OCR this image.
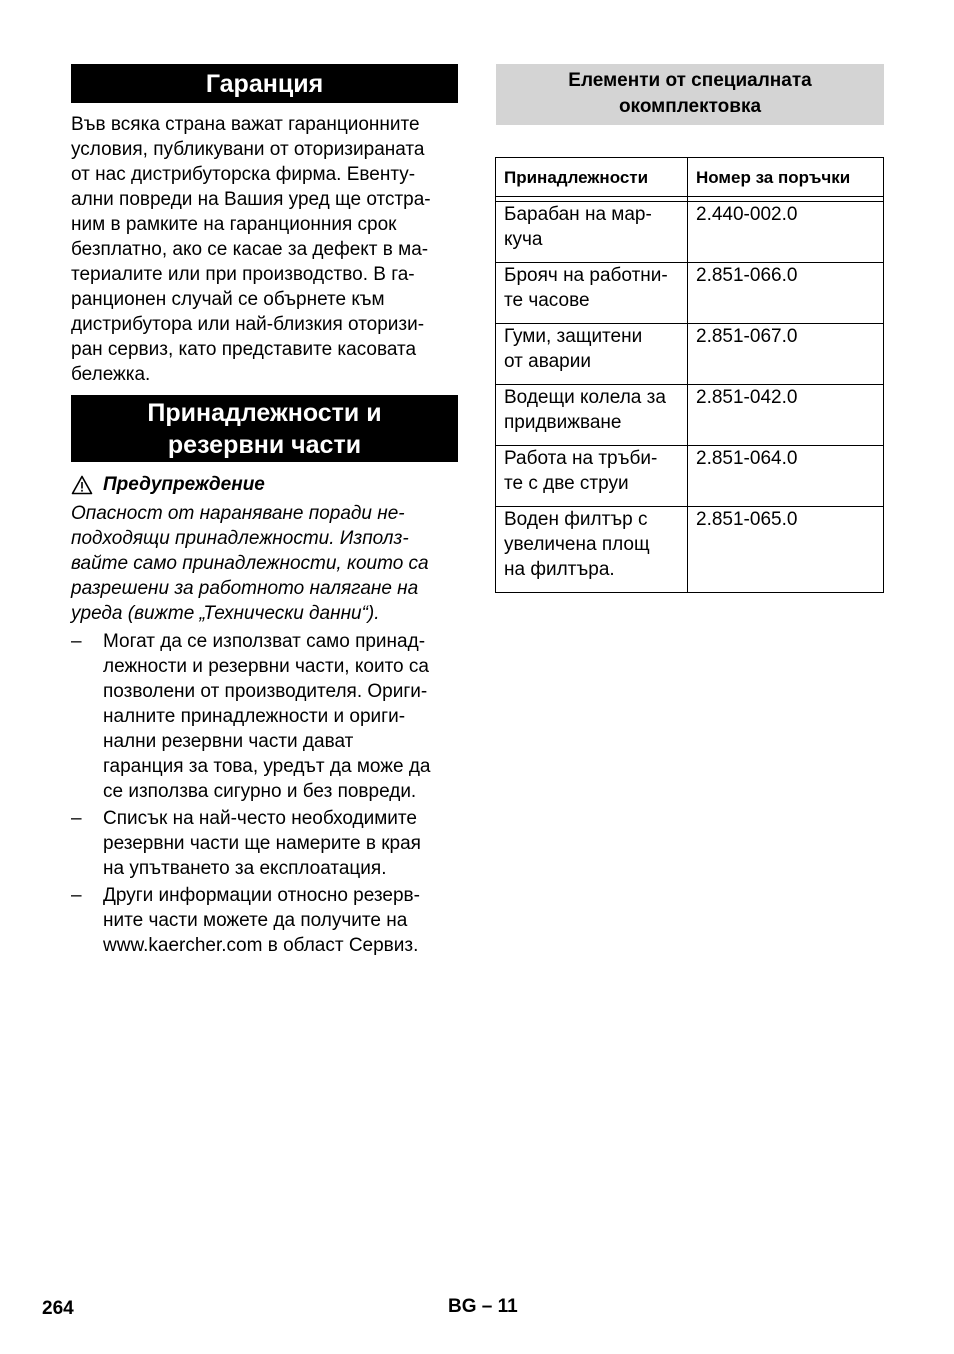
Гаранция
Във всяка страна важат гаранционните
условия, публикувани от оторизираната
от нас дистрибуторска фирма. Евенту-
ални повреди на Вашия уред ще отстра-
ним в рамките на гаранционния срок
безплатно, ако се касае за дефект в ма-
териалите или при производство. В га-
ранционен случай се обърнете към
дистрибутора или най-близкия оторизи-
ран сервиз, като представите касовата
бележка.
Принадлежности и
резервни части
Предупреждение
Опасност от нараняване поради не-
подходящи принадлежности. Използ-
вайте само принадлежности, които са
разрешени за работното налягане на
уреда (вижте „Технически данни“).
–	Могат да се използват само принад-
лежности и резервни части, които са
позволени от производителя. Ориги-
налните принадлежности и ориги-
нални резервни части дават
гаранция за това, уредът да може да
се използва сигурно и без повреди.
–	Списък на най-често необходимите
резервни части ще намерите в края
на упътването за експлоатация.
–	Други информации относно резерв-
ните части можете да получите на
www.kaercher.com в област Сервиз.
Елементи от специалната
окомплектовка
Принадлежности	Номер за поръчки

Барабан на мар-
куча	2.440-002.0

Брояч на работни-
те часове	2.851-066.0

Гуми, защитени
от аварии	2.851-067.0

Водещи колела за
придвижване	2.851-042.0

Работа на тръби-
те с две струи	2.851-064.0

Воден филтър с
увеличена площ
на филтъра.	2.851-065.0
264	BG – 11
